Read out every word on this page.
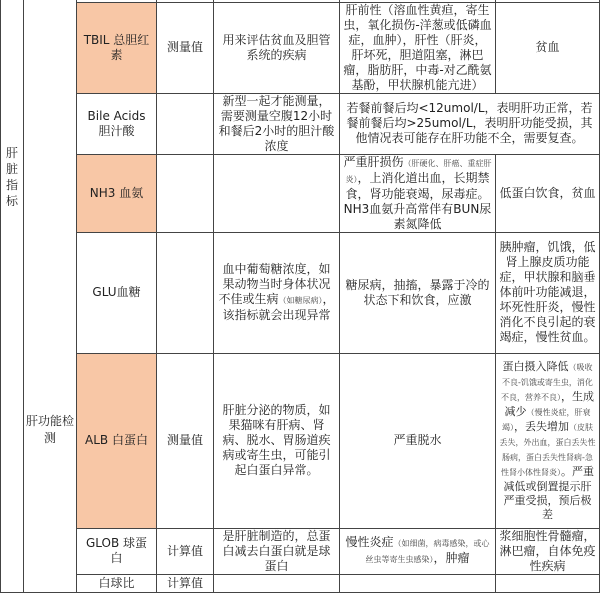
肝脏指标		TBIL 总胆红素	测量值	用来评估贫血及胆管系统的疾病	肝前性（溶血性黄疸，寄生虫，氧化损伤-洋葱或低磷血症，血肿），肝性（肝炎，肝坏死，胆道阻塞，淋巴瘤，脂肪肝，中毒-对乙酰氨基酚，甲状腺机能亢进）	贫血
		Bile Acids 胆汁酸		新型一起才能测量，需要测量空腹12小时和餐后2小时的胆汁酸浓度	若餐前餐后均<12umol/L，表明肝功正常，若餐前餐后均>25umol/L，表明肝功能受损，其他情况表可能存在肝功能不全，需要复查。	
		NH3 血氨			严重肝损伤（肝硬化、肝癌、重症肝炎），上消化道出血，长期禁食，肾功能衰竭，尿毒症。NH3血氨升高常伴有BUN尿素氮降低	低蛋白饮食，贫血
		GLU血糖		血中葡萄糖浓度，如果动物当时身体状况不佳或生病（如糖尿病），该指标就会出现异常	糖尿病，抽搐，暴露于冷的状态下和饮食，应激	胰肿瘤，饥饿，低肾上腺皮质功能症，甲状腺和脑垂体前叶功能减退，坏死性肝炎，慢性消化不良引起的衰竭症，慢性贫血。
	肝功能检测	ALB 白蛋白	测量值	肝脏分泌的物质，如果猫咪有肝病、肾病、脱水、胃肠道疾病或寄生虫，可能引起白蛋白异常。	严重脱水	蛋白摄入降低（吸收不良-饥饿或寄生虫，消化不良，营养不良），生成减少（慢性炎症，肝衰竭），丢失增加（皮肤丢失，外出血，蛋白丢失性肠病，蛋白丢失性肾病-急性肾小体性肾炎）。严重减低或倒置提示肝严重受损，预后极差
		GLOB 球蛋白	计算值	是肝脏制造的，总蛋白减去白蛋白就是球蛋白	慢性炎症（如细菌，病毒感染，或心丝虫等寄生虫感染），肿瘤	浆细胞性骨髓瘤，淋巴瘤，自体免疫性疾病
		白球比	计算值			
